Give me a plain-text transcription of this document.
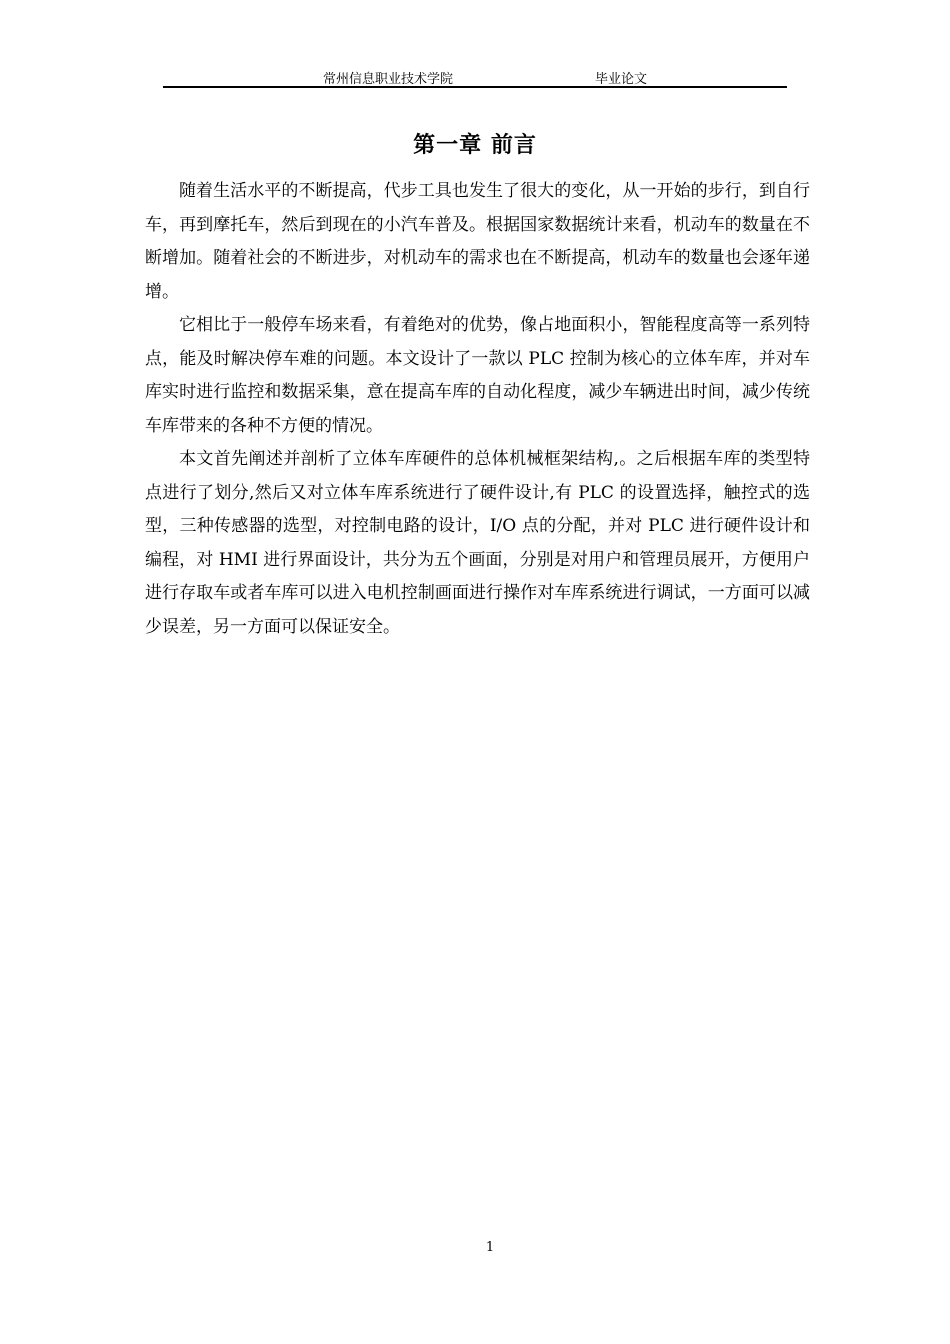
常州信息职业技术学院	毕业论文
第一章 前言

随着生活水平的不断提高，代步工具也发生了很大的变化，从一开始的步行，到自行车，再到摩托车，然后到现在的小汽车普及。根据国家数据统计来看，机动车的数量在不断增加。随着社会的不断进步，对机动车的需求也在不断提高，机动车的数量也会逐年递增。

它相比于一般停车场来看，有着绝对的优势，像占地面积小，智能程度高等一系列特点，能及时解决停车难的问题。本文设计了一款以 PLC 控制为核心的立体车库，并对车库实时进行监控和数据采集，意在提高车库的自动化程度，减少车辆进出时间，减少传统车库带来的各种不方便的情况。

本文首先阐述并剖析了立体车库硬件的总体机械框架结构,。之后根据车库的类型特点进行了划分,然后又对立体车库系统进行了硬件设计,有 PLC 的设置选择，触控式的选型，三种传感器的选型，对控制电路的设计，I/O 点的分配，并对 PLC 进行硬件设计和编程，对 HMI 进行界面设计，共分为五个画面，分别是对用户和管理员展开，方便用户进行存取车或者车库可以进入电机控制画面进行操作对车库系统进行调试，一方面可以减少误差，另一方面可以保证安全。

1
